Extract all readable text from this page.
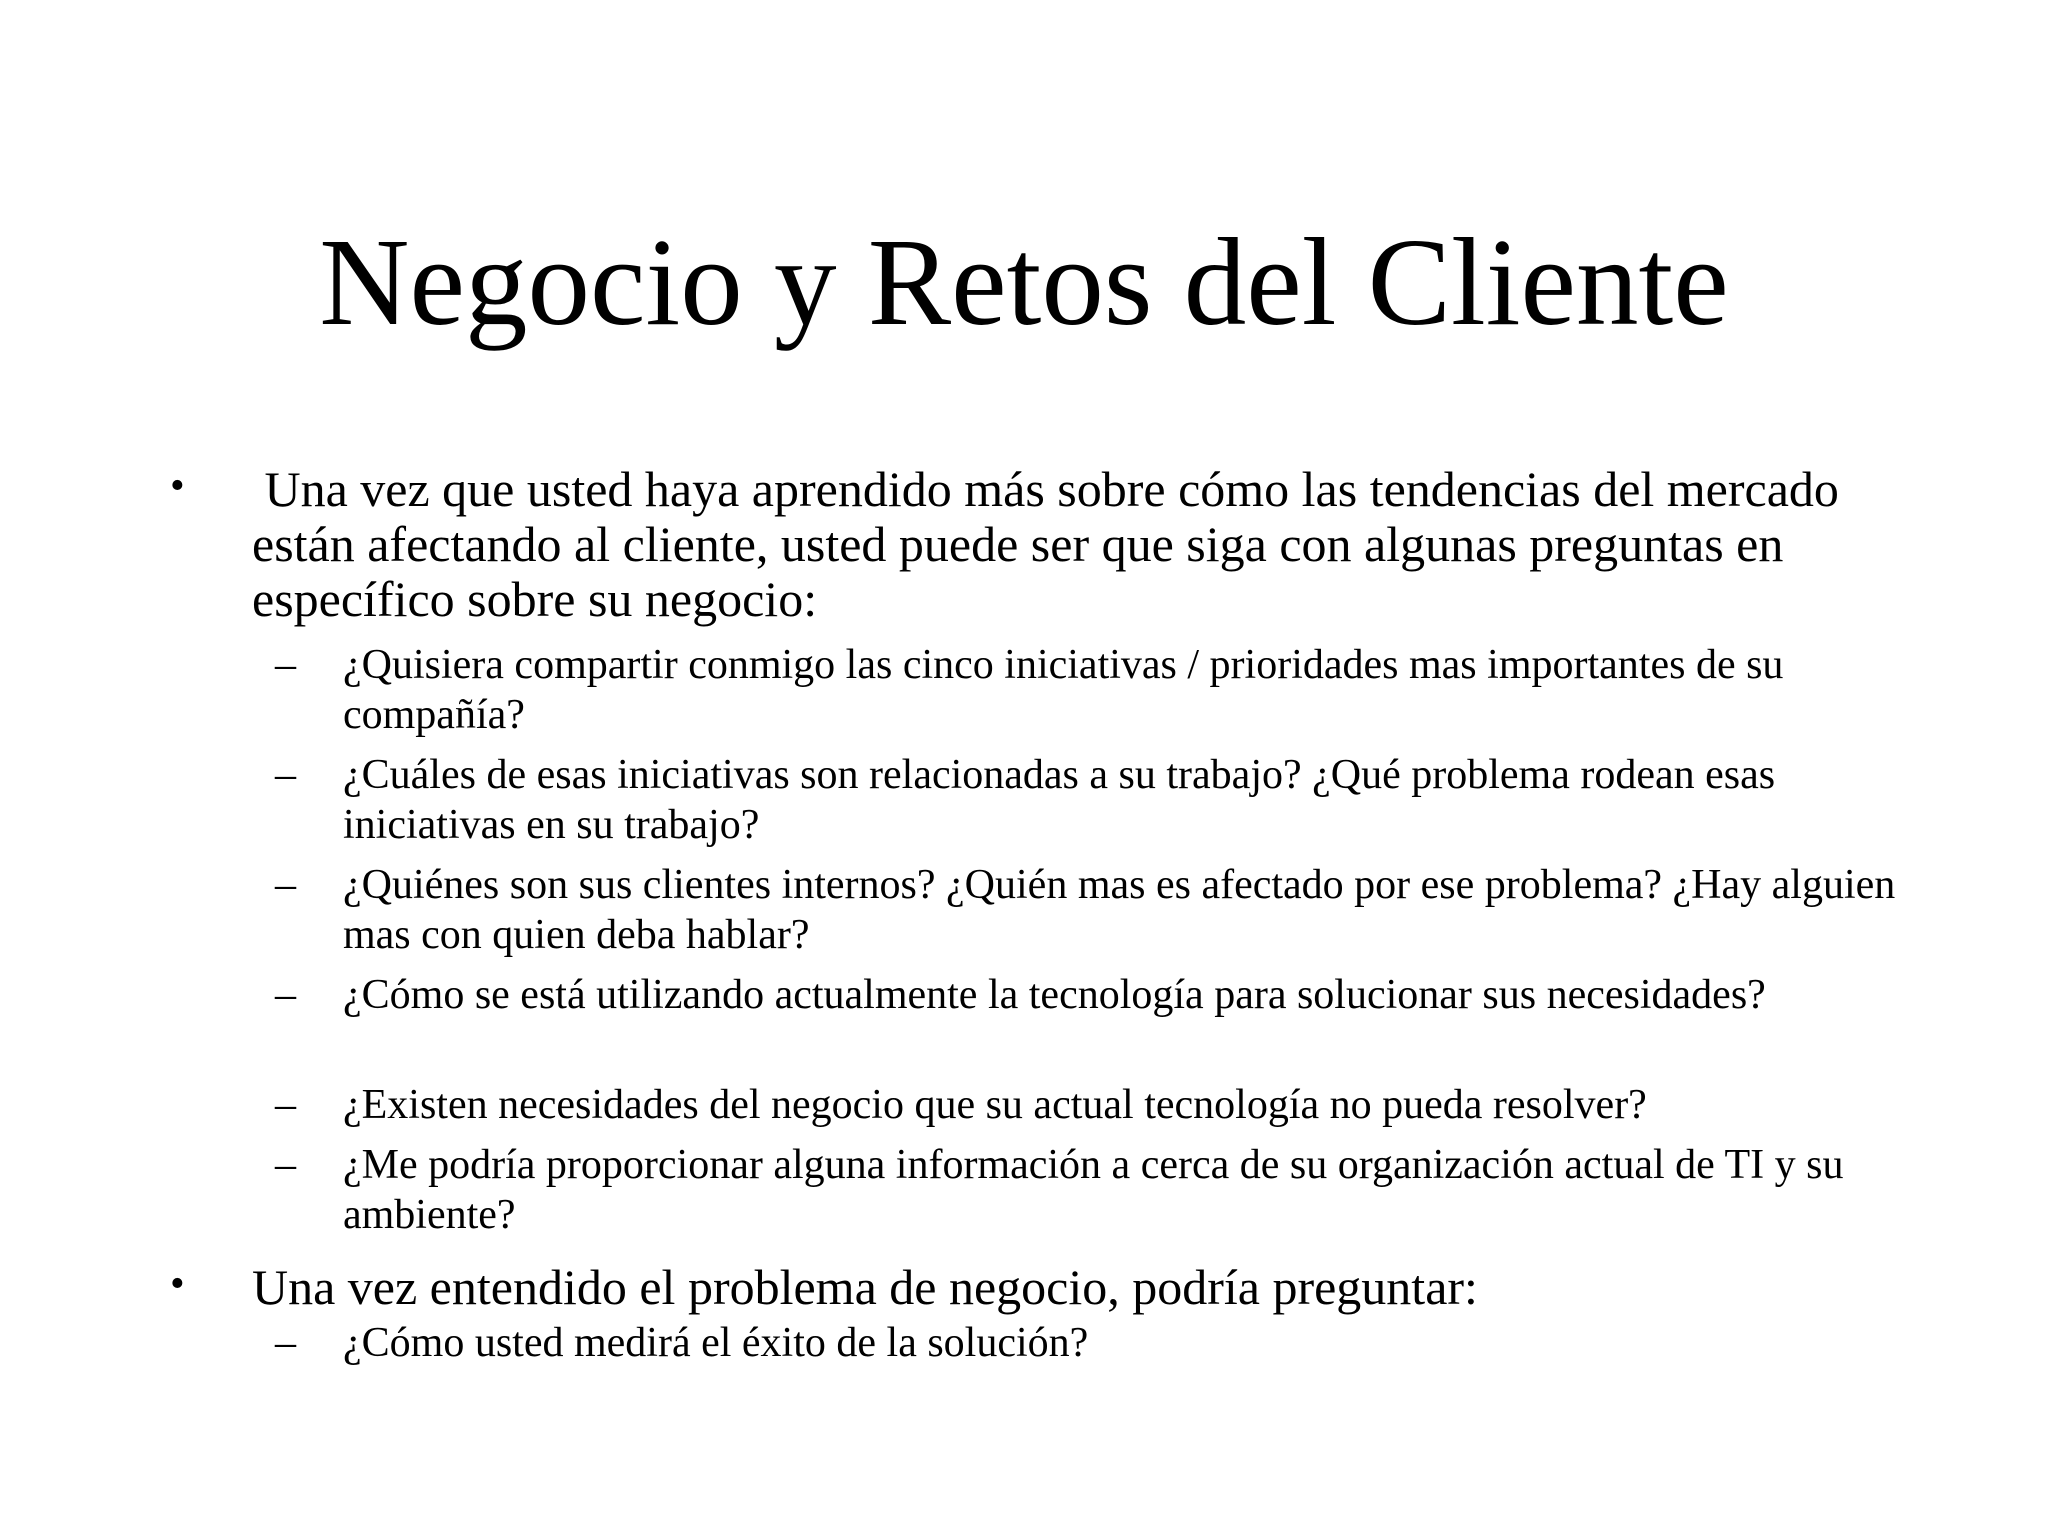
Negocio y Retos del Cliente
• Una vez que usted haya aprendido más sobre cómo las tendencias del mercado están afectando al cliente, usted puede ser que siga con algunas preguntas en específico sobre su negocio:
– ¿Quisiera compartir conmigo las cinco iniciativas / prioridades mas importantes de su compañía?
– ¿Cuáles de esas iniciativas son relacionadas a su trabajo? ¿Qué problema rodean esas iniciativas en su trabajo?
– ¿Quiénes son sus clientes internos? ¿Quién mas es afectado por ese problema? ¿Hay alguien mas con quien deba hablar?
– ¿Cómo se está utilizando actualmente la tecnología para solucionar sus necesidades?
– ¿Existen necesidades del negocio que su actual tecnología no pueda resolver?
– ¿Me podría proporcionar alguna información a cerca de su organización actual de TI y su ambiente?
• Una vez entendido el problema de negocio, podría preguntar:
– ¿Cómo usted medirá el éxito de la solución?
